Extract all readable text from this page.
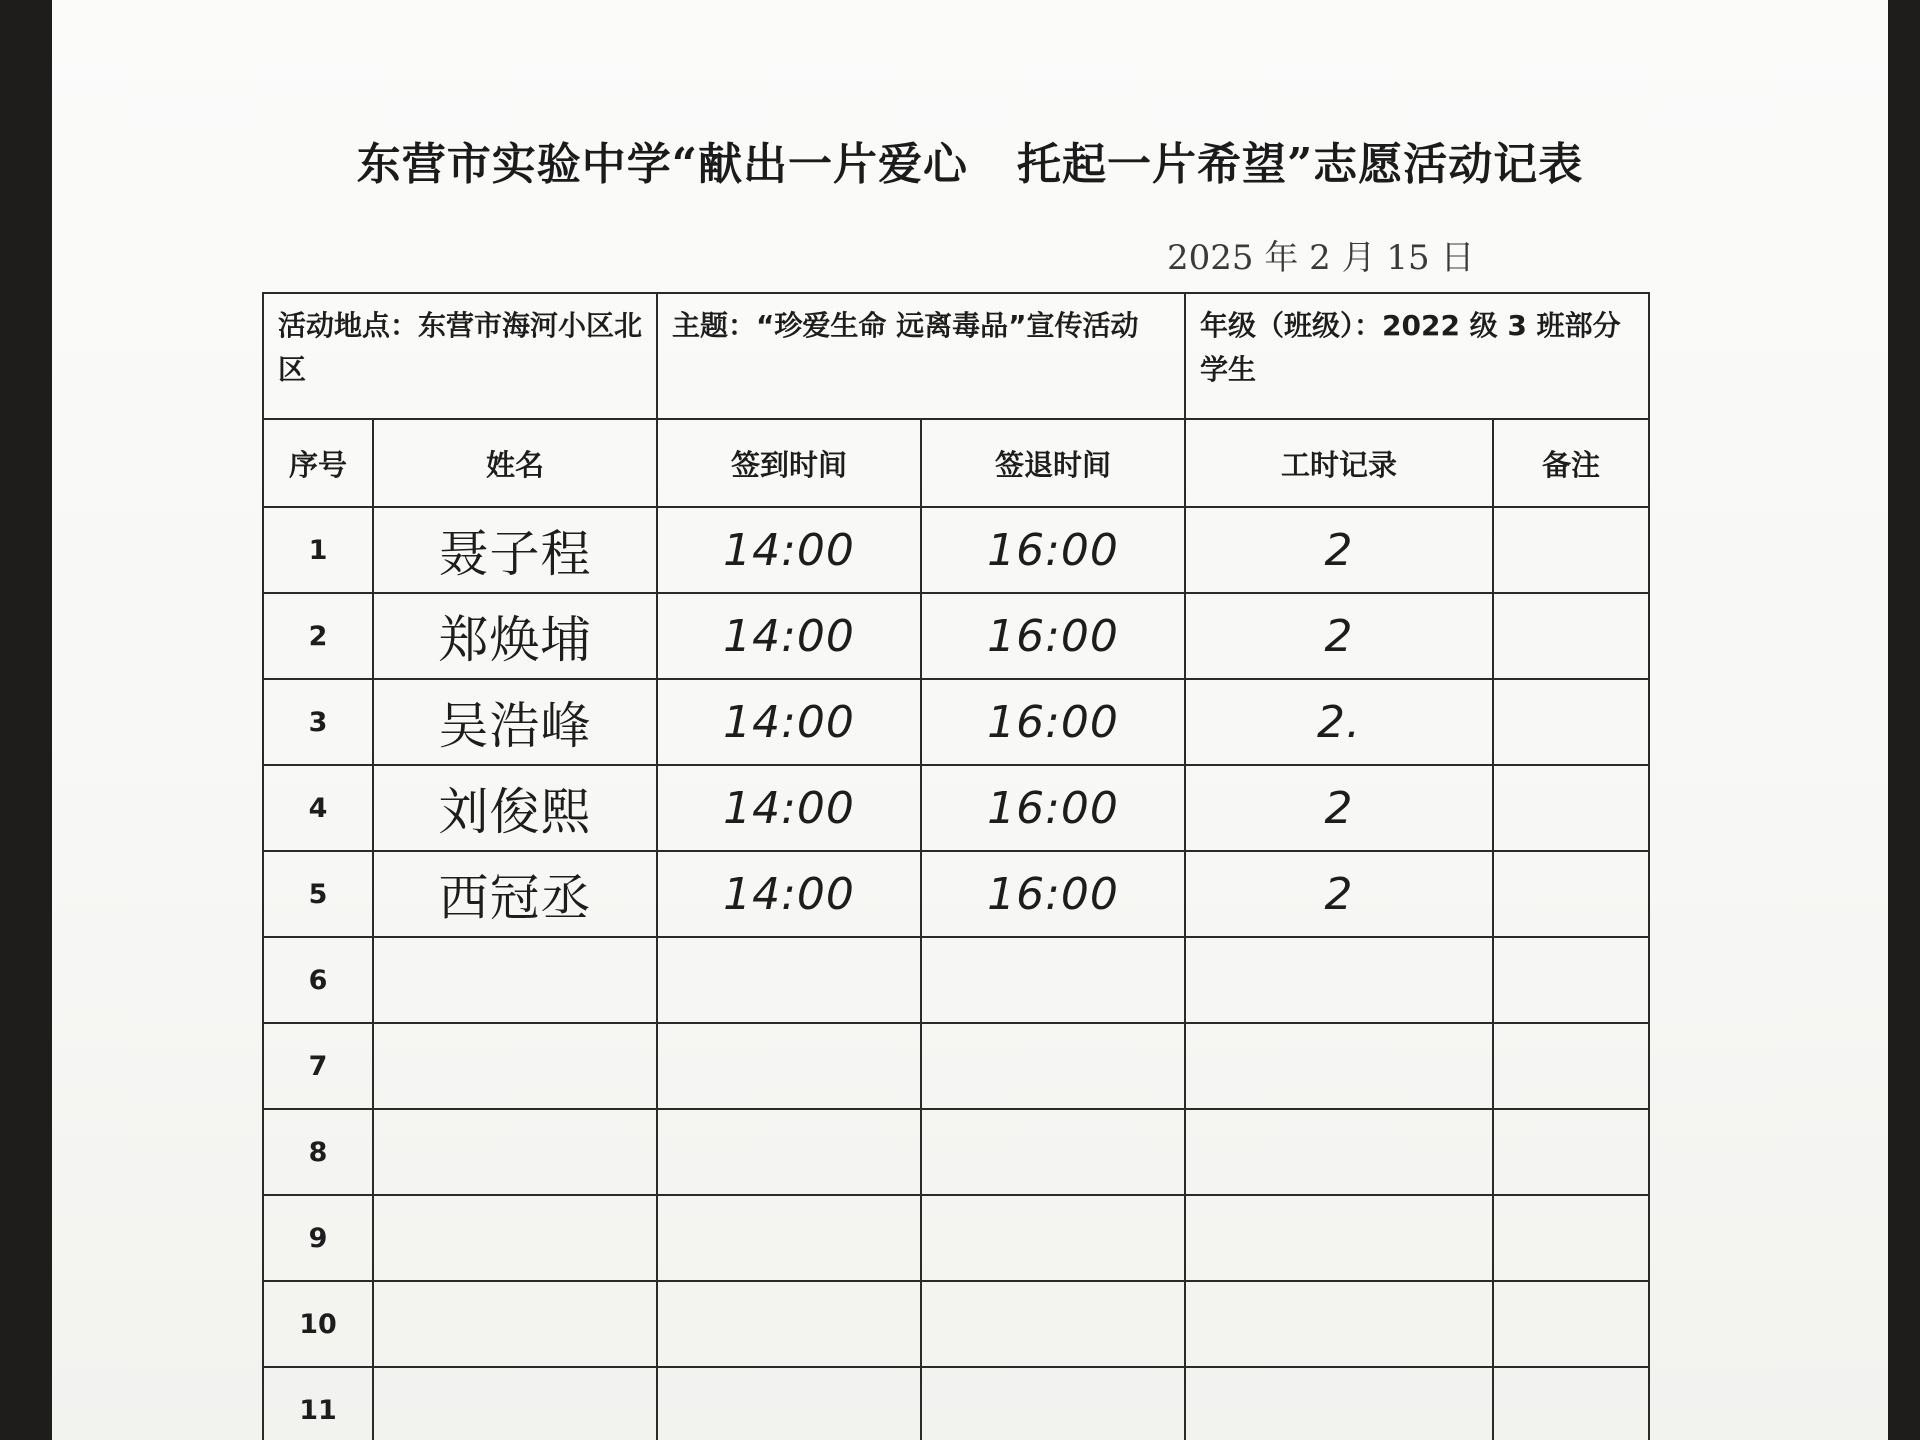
东营市实验中学“献出一片爱心   托起一片希望”志愿活动记表
2025 年 2 月 15 日
活动地点：东营市海河小区北区		主题：“珍爱生命 远离毒品”宣传活动		年级（班级）：2022 级 3 班部分学生	
序号	姓名	签到时间	签退时间	工时记录	备注
1	聂子程	14:00	16:00	2	
2	郑焕埔	14:00	16:00	2	
3	吴浩峰	14:00	16:00	2.	
4	刘俊熙	14:00	16:00	2	
5	西冠丞	14:00	16:00	2	
6					
7					
8					
9					
10					
11					
